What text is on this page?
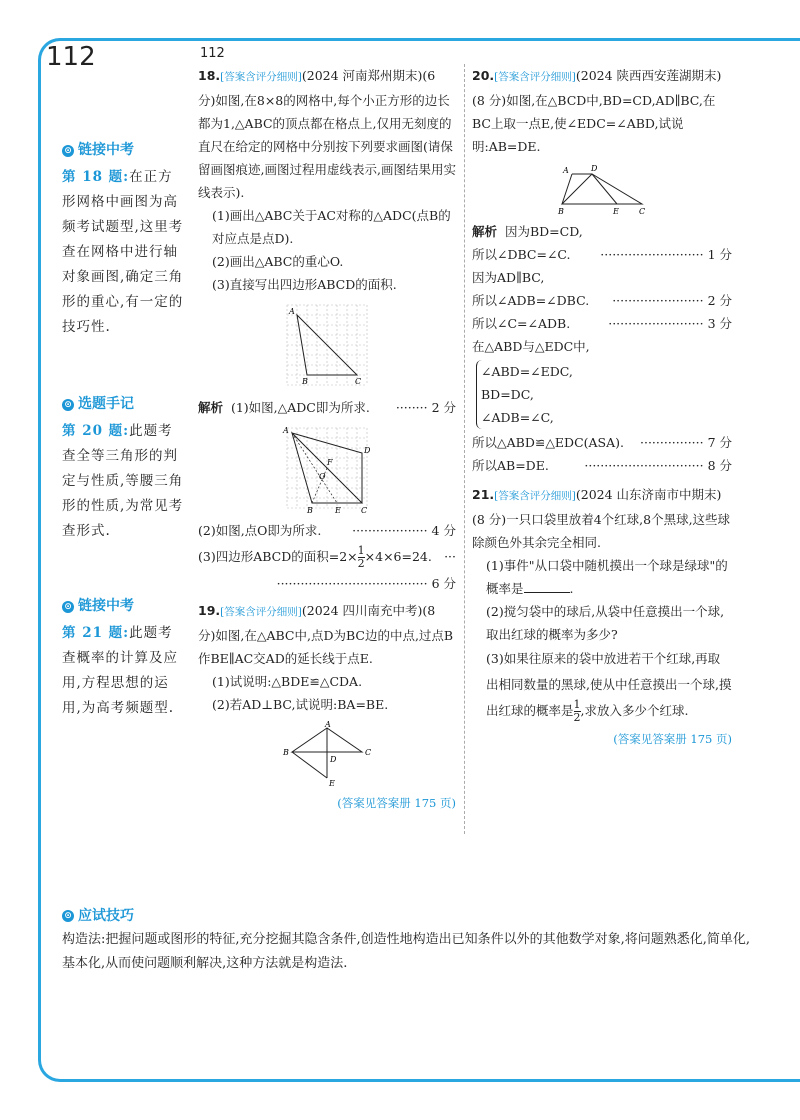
112	112
⊙ 链接中考
第 18 题:在正方形网格中画图为高频考试题型,这里考查在网格中进行轴对象画图,确定三角形的重心,有一定的技巧性.
⊙ 选题手记
第 20 题:此题考查全等三角形的判定与性质,等腰三角形的性质,为常见考查形式.
⊙ 链接中考
第 21 题:此题考查概率的计算及应用,方程思想的运用,为高考频题型.
18.[答案含评分细则](2024 河南郑州期末)(6 分)如图,在8×8的网格中,每个小正方形的边长都为1,△ABC的顶点都在格点上,仅用无刻度的直尺在给定的网格中分别按下列要求画图(请保留画图痕迹,画图过程用虚线表示,画图结果用实线表示).
(1)画出△ABC关于AC对称的△ADC(点B的对应点是点D).
(2)画出△ABC的重心O.
(3)直接写出四边形ABCD的面积.
A
B	C
解析 (1)如图,△ADC即为所求. ········ 2 分
A
B	C
D
E
F
O
(2)如图,点O即为所求. ··················· 4 分
(3)四边形ABCD的面积$=2\times \frac{1}{2} \times 4\times 6=24$. ···
······································ 6 分
19.[答案含评分细则](2024 四川南充中考)(8 分)如图,在△ABC中,点D为BC边的中点,过点B作BE∥AC交AD的延长线于点E.
(1)试说明:△BDE≌△CDA.
(2)若AD⊥BC,试说明:BA=BE.
A
B	C
D
E
(答案见答案册 175 页)
20.[答案含评分细则](2024 陕西西安莲湖期末)(8 分)如图,在△BCD中,BD=CD,AD∥BC,在BC上取一点E,使∠EDC=∠ABD,试说明:AB=DE.
A	D
B	E	C
解析 因为BD=CD,
所以∠DBC=∠C. ·························· 1 分
因为AD∥BC,
所以∠ADB=∠DBC. ······················· 2 分
所以∠C=∠ADB.	························ 3 分
在△ABD与△EDC中,
∠ABD=∠EDC,
BD=DC,
∠ADB=∠C,
所以△ABD≌△EDC(ASA). ················ 7 分
所以AB=DE.	······························ 8 分
21.[答案含评分细则](2024 山东济南市中期末)(8 分)一只口袋里放着4个红球,8个黑球,这些球除颜色外其余完全相同.
(1)事件"从口袋中随机摸出一个球是绿球"的概率是	.
(2)搅匀袋中的球后,从袋中任意摸出一个球,取出红球的概率为多少?
(3)如果往原来的袋中放进若干个红球,再取出相同数量的黑球,使从中任意摸出一个球,摸出红球的概率是 $\frac{1}{2}$ ,求放入多少个红球.
(答案见答案册 175 页)
⊙ 应试技巧
构造法:把握问题或图形的特征,充分挖掘其隐含条件,创造性地构造出已知条件以外的其他数学对象,将问题熟悉化,简单化,基本化,从而使问题顺利解决,这种方法就是构造法.
